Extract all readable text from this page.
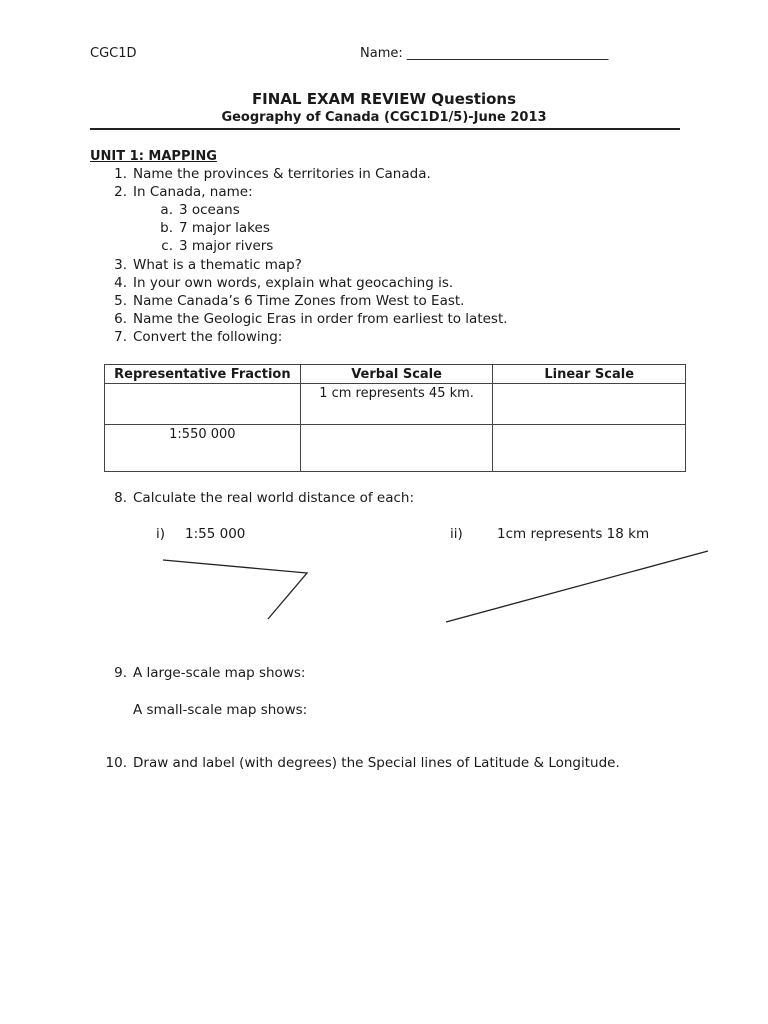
CGC1D	Name: _______________________________
FINAL EXAM REVIEW Questions
Geography of Canada (CGC1D1/5)-June 2013
UNIT 1: MAPPING
1. Name the provinces & territories in Canada.
2. In Canada, name:
a. 3 oceans
b. 7 major lakes
c. 3 major rivers
3. What is a thematic map?
4. In your own words, explain what geocaching is.
5. Name Canada’s 6 Time Zones from West to East.
6. Name the Geologic Eras in order from earliest to latest.
7. Convert the following:
Representative Fraction	Verbal Scale	Linear Scale
	1 cm represents 45 km.	
1:550 000		
8. Calculate the real world distance of each:
i) 1:55 000	ii)	1cm represents 18 km
9. A large-scale map shows:
A small-scale map shows:
10. Draw and label (with degrees) the Special lines of Latitude & Longitude.
